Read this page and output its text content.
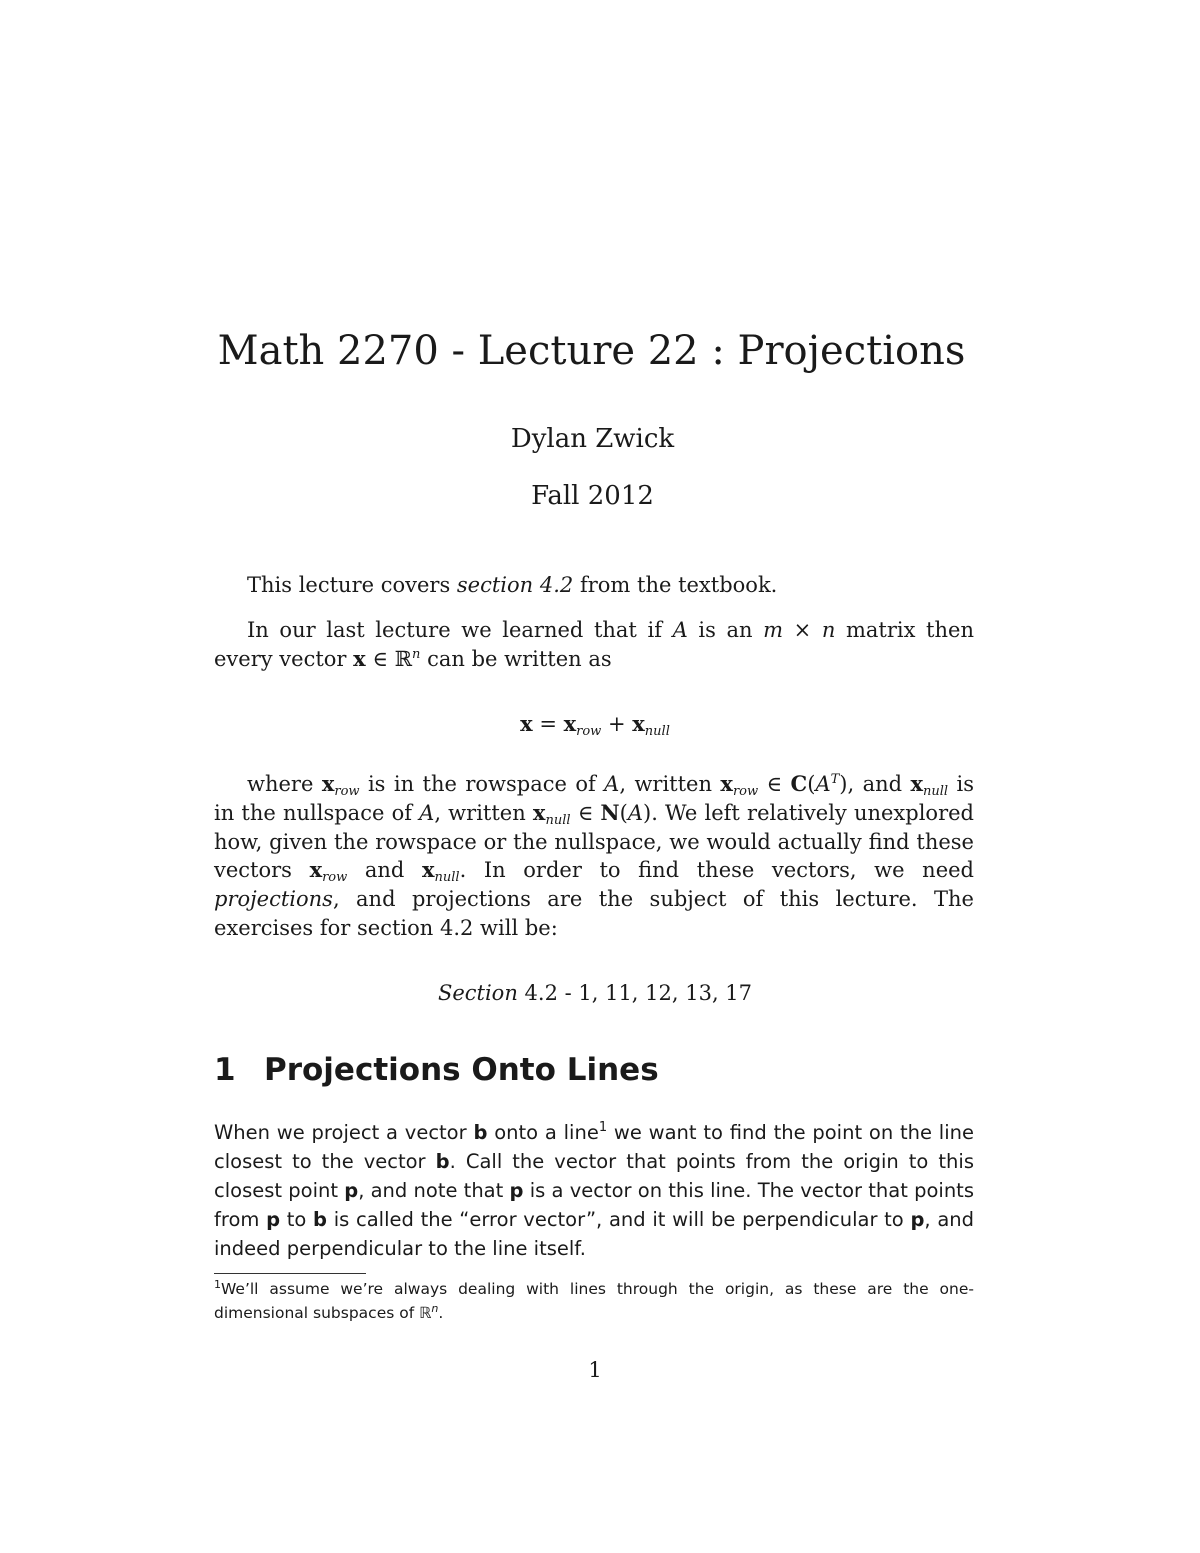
Math 2270 - Lecture 22 : Projections
Dylan Zwick
Fall 2012
This lecture covers section 4.2 from the textbook.
In our last lecture we learned that if A is an m × n matrix then every vector x ∈ ℝ$^n$ can be written as
$x = x_{row} + x_{null}$
where $x_{row}$ is in the rowspace of A, written $x_{row}$ ∈ $C(A^T)$, and $x_{null}$ is in the nullspace of A, written $x_{null}$ ∈ N(A). We left relatively unexplored how, given the rowspace or the nullspace, we would actually find these vectors $x_{row}$ and $x_{null}$. In order to find these vectors, we need projections, and projections are the subject of this lecture. The exercises for section 4.2 will be:
Section 4.2 - 1, 11, 12, 13, 17
1 Projections Onto Lines
When we project a vector b onto a line$^1$ we want to find the point on the line closest to the vector b. Call the vector that points from the origin to this closest point p, and note that p is a vector on this line. The vector that points from p to b is called the “error vector”, and it will be perpendicular to p, and indeed perpendicular to the line itself.
$^1$We’ll assume we’re always dealing with lines through the origin, as these are the one-dimensional subspaces of ℝ$^n$.
1
